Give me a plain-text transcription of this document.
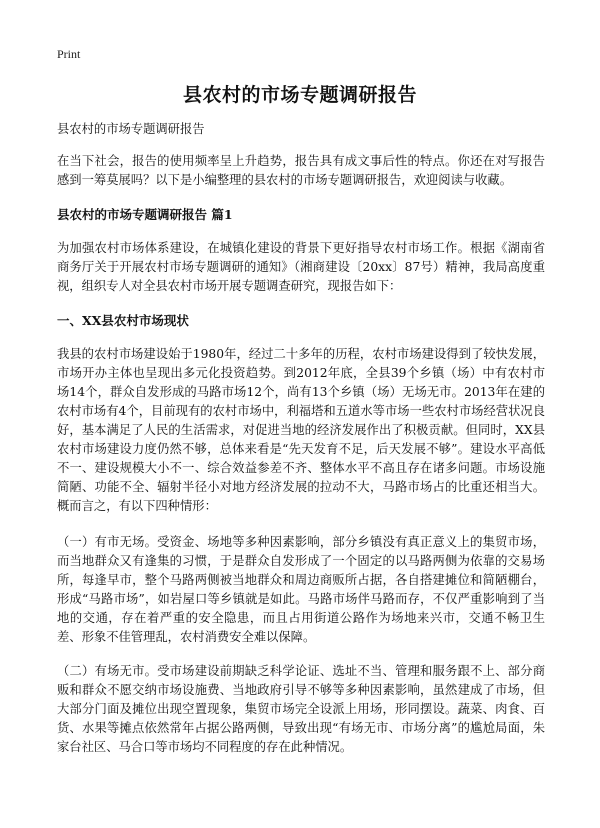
Print
县农村的市场专题调研报告

县农村的市场专题调研报告

在当下社会，报告的使用频率呈上升趋势，报告具有成文事后性的特点。你还在对写报告感到一筹莫展吗？以下是小编整理的县农村的市场专题调研报告，欢迎阅读与收藏。

县农村的市场专题调研报告 篇1

为加强农村市场体系建设，在城镇化建设的背景下更好指导农村市场工作。根据《湖南省商务厅关于开展农村市场专题调研的通知》（湘商建设〔20xx〕87号）精神，我局高度重视，组织专人对全县农村市场开展专题调查研究，现报告如下：

一、XX县农村市场现状

我县的农村市场建设始于1980年，经过二十多年的历程，农村市场建设得到了较快发展，市场开办主体也呈现出多元化投资趋势。到2012年底，全县39个乡镇（场）中有农村市场14个，群众自发形成的马路市场12个，尚有13个乡镇（场）无场无市。2013年在建的农村市场有4个，目前现有的农村市场中，利福塔和五道水等市场一些农村市场经营状况良好，基本满足了人民的生活需求，对促进当地的经济发展作出了积极贡献。但同时，XX县农村市场建设力度仍然不够，总体来看是“先天发育不足，后天发展不够”。建设水平高低不一、建设规模大小不一、综合效益参差不齐、整体水平不高且存在诸多问题。市场设施简陋、功能不全、辐射半径小对地方经济发展的拉动不大，马路市场占的比重还相当大。概而言之，有以下四种情形：

（一）有市无场。受资金、场地等多种因素影响，部分乡镇没有真正意义上的集贸市场，而当地群众又有逢集的习惯，于是群众自发形成了一个固定的以马路两侧为依靠的交易场所，每逢早市，整个马路两侧被当地群众和周边商贩所占据，各自搭建摊位和简陋棚台，形成“马路市场”，如岩屋口等乡镇就是如此。马路市场伴马路而存，不仅严重影响到了当地的交通，存在着严重的安全隐患，而且占用街道公路作为场地来兴市，交通不畅卫生差、形象不佳管理乱，农村消费安全难以保障。

（二）有场无市。受市场建设前期缺乏科学论证、选址不当、管理和服务跟不上、部分商贩和群众不愿交纳市场设施费、当地政府引导不够等多种因素影响，虽然建成了市场，但大部分门面及摊位出现空置现象，集贸市场完全设派上用场，形同摆设。蔬菜、肉食、百货、水果等摊点依然常年占据公路两侧，导致出现“有场无市、市场分离”的尴尬局面，朱家台社区、马合口等市场均不同程度的存在此种情况。
